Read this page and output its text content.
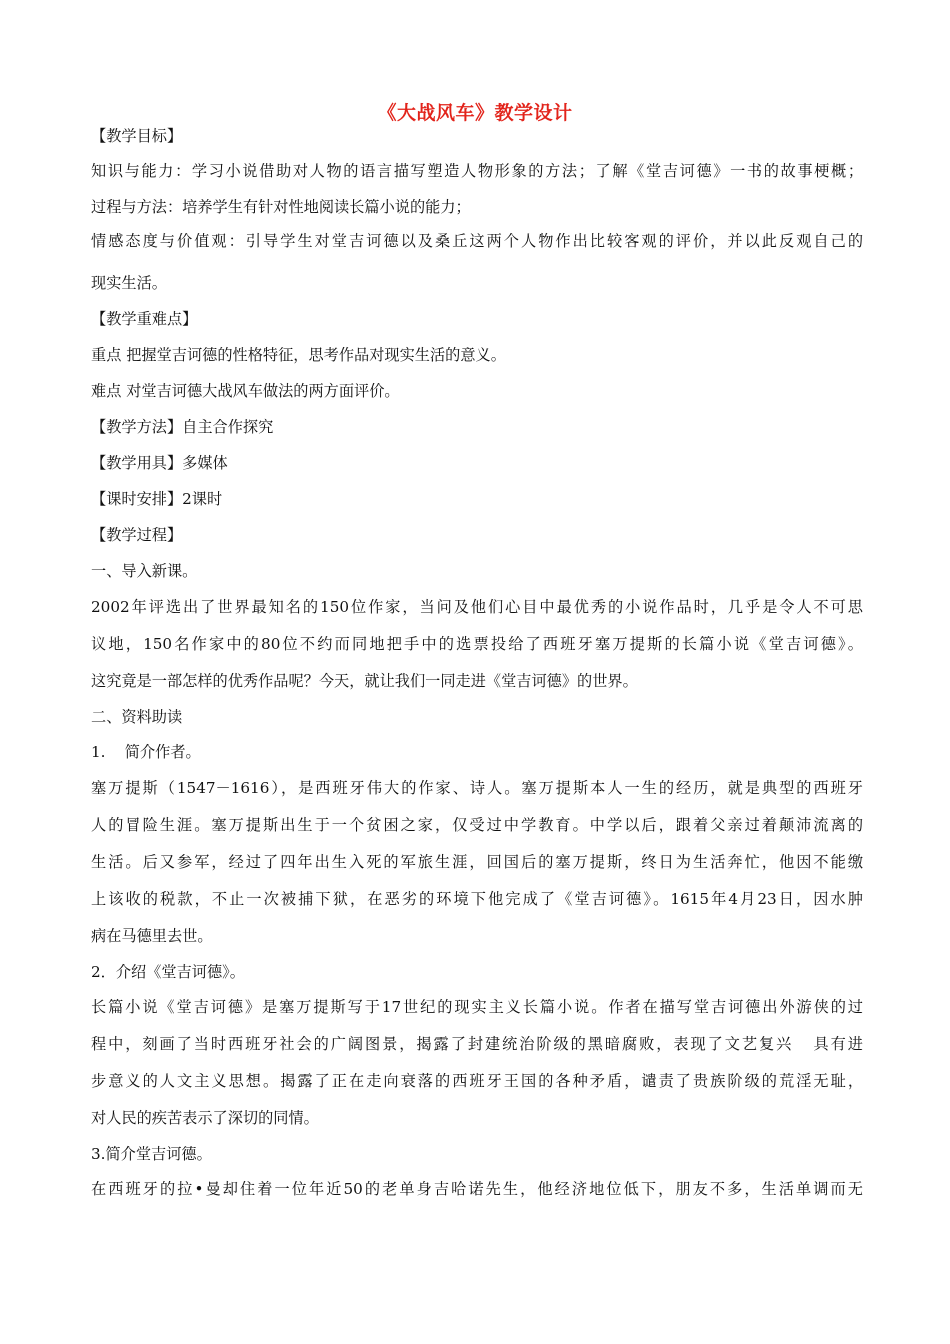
《大战风车》教学设计

【教学目标】

知识与能力：学习小说借助对人物的语言描写塑造人物形象的方法；了解《堂吉诃德》一书的故事梗概；

过程与方法：培养学生有针对性地阅读长篇小说的能力；

情感态度与价值观：引导学生对堂吉诃德以及桑丘这两个人物作出比较客观的评价，并以此反观自己的

现实生活。

【教学重难点】

重点 把握堂吉诃德的性格特征，思考作品对现实生活的意义。

难点 对堂吉诃德大战风车做法的两方面评价。

【教学方法】自主合作探究

【教学用具】多媒体

【课时安排】2课时

【教学过程】

一、导入新课。

2002年评选出了世界最知名的150位作家，当问及他们心目中最优秀的小说作品时，几乎是令人不可思

议地，150名作家中的80位不约而同地把手中的选票投给了西班牙塞万提斯的长篇小说《堂吉诃德》。

这究竟是一部怎样的优秀作品呢？今天，就让我们一同走进《堂吉诃德》的世界。

二、资料助读

1.    简介作者。

塞万提斯（1547－1616），是西班牙伟大的作家、诗人。塞万提斯本人一生的经历，就是典型的西班牙

人的冒险生涯。塞万提斯出生于一个贫困之家，仅受过中学教育。中学以后，跟着父亲过着颠沛流离的

生活。后又参军，经过了四年出生入死的军旅生涯，回国后的塞万提斯，终日为生活奔忙，他因不能缴

上该收的税款，不止一次被捕下狱，在恶劣的环境下他完成了《堂吉诃德》。1615年4月23日，因水肿

病在马德里去世。

2．介绍《堂吉诃德》。

长篇小说《堂吉诃德》是塞万提斯写于17世纪的现实主义长篇小说。作者在描写堂吉诃德出外游侠的过

程中，刻画了当时西班牙社会的广阔图景，揭露了封建统治阶级的黑暗腐败，表现了文艺复兴   具有进

步意义的人文主义思想。揭露了正在走向衰落的西班牙王国的各种矛盾，谴责了贵族阶级的荒淫无耻，

对人民的疾苦表示了深切的同情。

3.简介堂吉诃德。

在西班牙的拉•曼却住着一位年近50的老单身吉哈诺先生，他经济地位低下，朋友不多，生活单调而无
